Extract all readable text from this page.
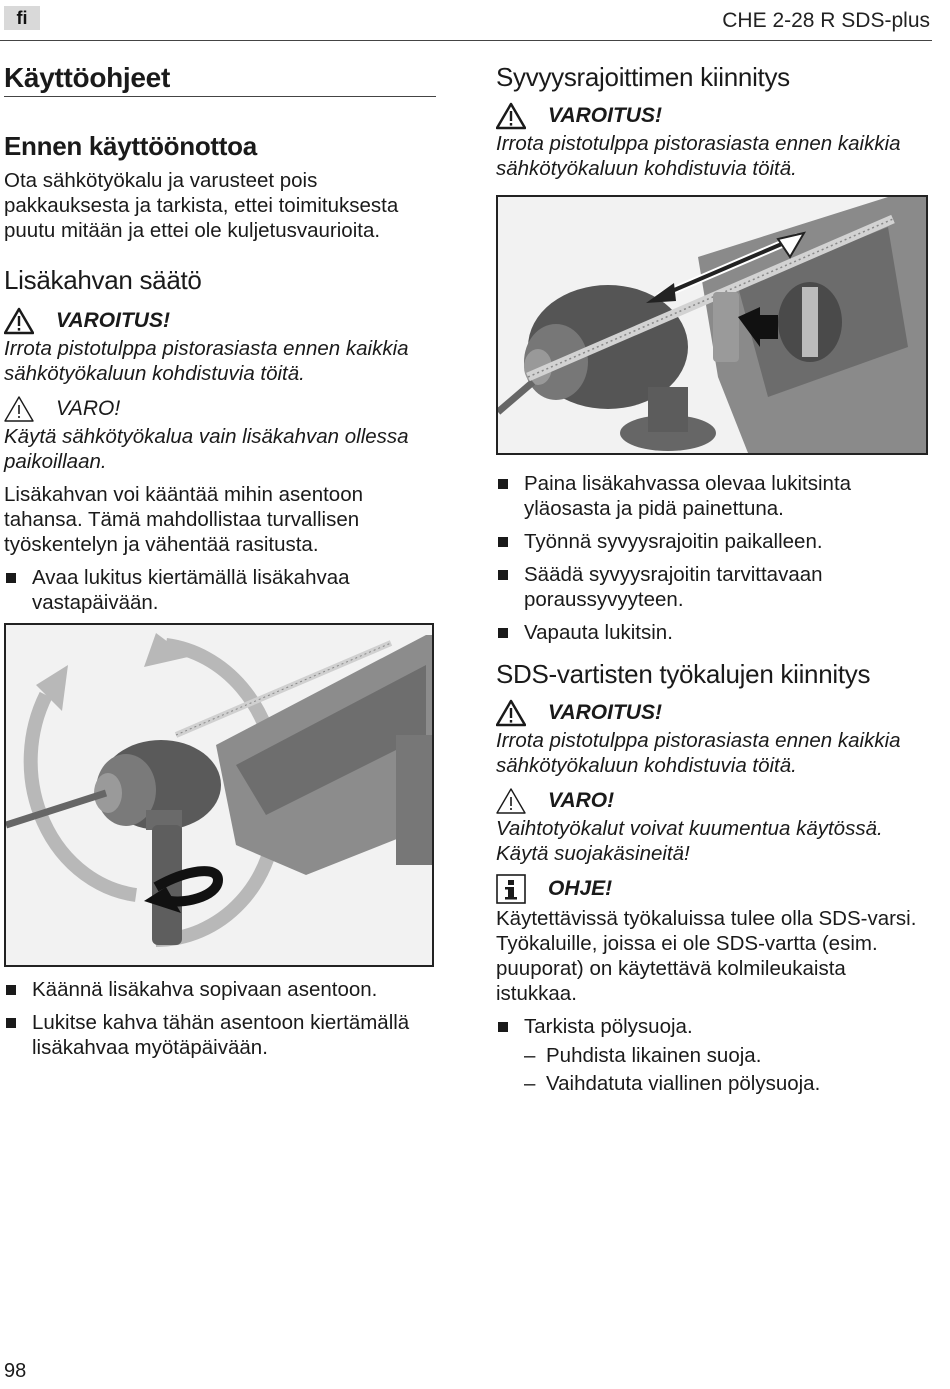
fi	CHE 2-28 R SDS-plus
Käyttöohjeet
Ennen käyttöönottoa

Ota sähkötyökalu ja varusteet pois pakkauksesta ja tarkista, ettei toimituksesta puutu mitään ja ettei ole kuljetusvaurioita.

Lisäkahvan säätö
VAROITUS!

Irrota pistotulppa pistorasiasta ennen kaikkia sähkötyökaluun kohdistuvia töitä.

VARO!

Käytä sähkötyökalua vain lisäkahvan ollessa paikoillaan.

Lisäkahvan voi kääntää mihin asentoon tahansa. Tämä mahdollistaa turvallisen työskentelyn ja vähentää rasitusta.

Avaa lukitus kiertämällä lisäkahvaa vastapäivään.
Käännä lisäkahva sopivaan asentoon.
Lukitse kahva tähän asentoon kiertämällä lisäkahvaa myötäpäivään.
Syvyysrajoittimen kiinnitys
VAROITUS!

Irrota pistotulppa pistorasiasta ennen kaikkia sähkötyökaluun kohdistuvia töitä.

Paina lisäkahvassa olevaa lukitsinta yläosasta ja pidä painettuna.
Työnnä syvyysrajoitin paikalleen.
Säädä syvyysrajoitin tarvittavaan poraussyvyyteen.
Vapauta lukitsin.
SDS-vartisten työkalujen kiinnitys
VAROITUS!

Irrota pistotulppa pistorasiasta ennen kaikkia sähkötyökaluun kohdistuvia töitä.

VARO!

Vaihtotyökalut voivat kuumentua käytössä. Käytä suojakäsineitä!

OHJE!

Käytettävissä työkaluissa tulee olla SDS-varsi. Työkaluille, joissa ei ole SDS-vartta (esim. puuporat) on käytettävä kolmileukaista istukkaa.

Tarkista pölysuoja.
– Puhdista likainen suoja.
– Vaihdatuta viallinen pölysuoja.
98
